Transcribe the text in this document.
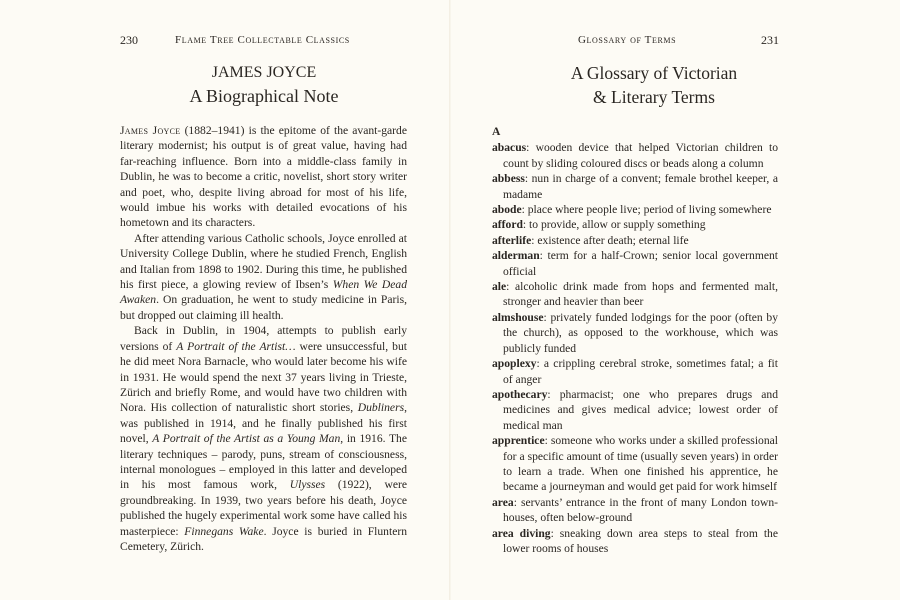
230	Flame Tree Collectable Classics
JAMES JOYCE
A Biographical Note

James Joyce (1882–1941) is the epitome of the avant-garde literary modernist; his output is of great value, having had far-reaching influence. Born into a middle-class family in Dublin, he was to become a critic, novelist, short story writer and poet, who, despite living abroad for most of his life, would imbue his works with detailed evocations of his hometown and its characters.

After attending various Catholic schools, Joyce enrolled at University College Dublin, where he studied French, English and Italian from 1898 to 1902. During this time, he published his first piece, a glowing review of Ibsen’s When We Dead Awaken. On graduation, he went to study medicine in Paris, but dropped out claiming ill health.

Back in Dublin, in 1904, attempts to publish early versions of A Portrait of the Artist… were unsuccessful, but he did meet Nora Barnacle, who would later become his wife in 1931. He would spend the next 37 years living in Trieste, Zürich and briefly Rome, and would have two children with Nora. His collection of naturalistic short stories, Dubliners, was published in 1914, and he finally published his first novel, A Portrait of the Artist as a Young Man, in 1916. The literary techniques – parody, puns, stream of consciousness, internal monologues – employed in this latter and developed in his most famous work, Ulysses (1922), were groundbreaking. In 1939, two years before his death, Joyce published the hugely experimental work some have called his masterpiece: Finnegans Wake. Joyce is buried in Fluntern Cemetery, Zürich.

Glossary of Terms	231
A Glossary of Victorian
& Literary Terms
A
abacus: wooden device that helped Victorian children to count by sliding coloured discs or beads along a column
abbess: nun in charge of a convent; female brothel keeper, a madame
abode: place where people live; period of living somewhere
afford: to provide, allow or supply something
afterlife: existence after death; eternal life
alderman: term for a half-Crown; senior local government official
ale: alcoholic drink made from hops and fermented malt, stronger and heavier than beer
almshouse: privately funded lodgings for the poor (often by the church), as opposed to the workhouse, which was publicly funded
apoplexy: a crippling cerebral stroke, sometimes fatal; a fit of anger
apothecary: pharmacist; one who prepares drugs and medicines and gives medical advice; lowest order of medical man
apprentice: someone who works under a skilled professional for a specific amount of time (usually seven years) in order to learn a trade. When one finished his apprentice, he became a journeyman and would get paid for work himself
area: servants’ entrance in the front of many London town-houses, often below-ground
area diving: sneaking down area steps to steal from the lower rooms of houses
